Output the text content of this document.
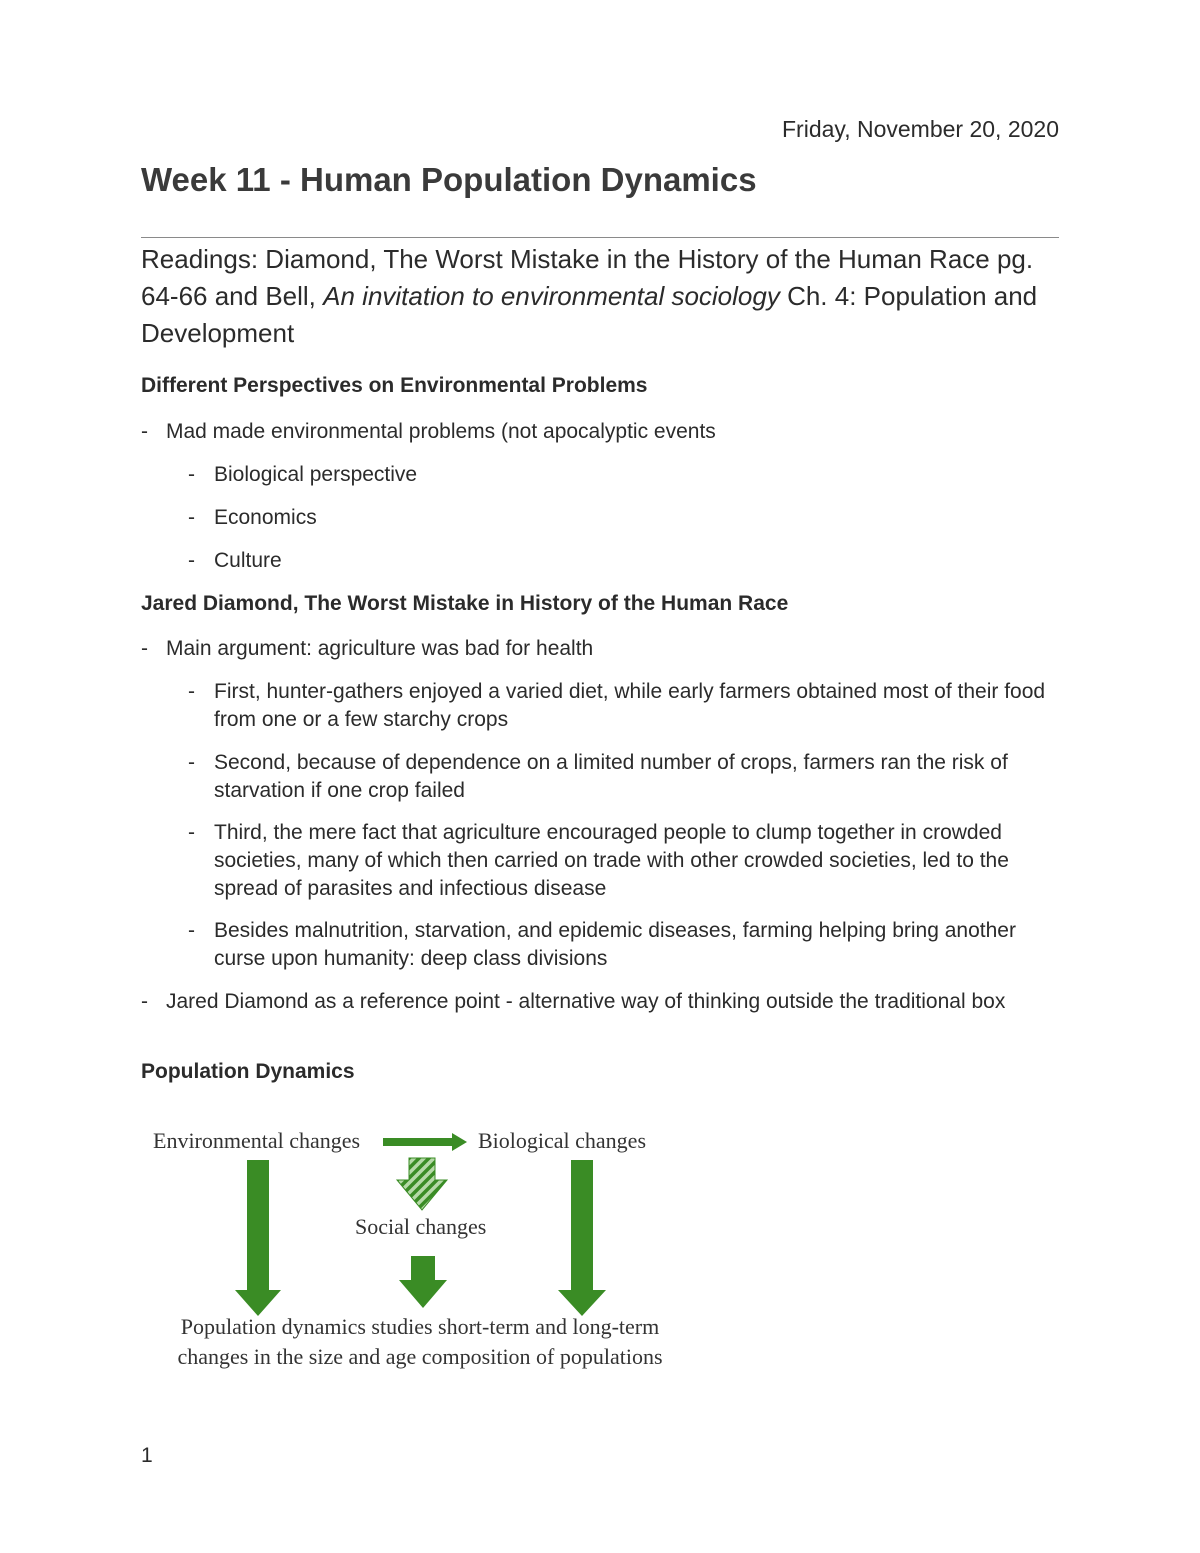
Friday, November 20, 2020
Week 11 - Human Population Dynamics

Readings: Diamond, The Worst Mistake in the History of the Human Race pg. 64-66 and Bell, An invitation to environmental sociology Ch. 4: Population and Development

Different Perspectives on Environmental Problems
- Mad made environmental problems (not apocalyptic events
- Biological perspective
- Economics
- Culture
Jared Diamond, The Worst Mistake in History of the Human Race
- Main argument: agriculture was bad for health
- First, hunter-gathers enjoyed a varied diet, while early farmers obtained most of their food from one or a few starchy crops
- Second, because of dependence on a limited number of crops, farmers ran the risk of starvation if one crop failed
- Third, the mere fact that agriculture encouraged people to clump together in crowded societies, many of which then carried on trade with other crowded societies, led to the spread of parasites and infectious disease
- Besides malnutrition, starvation, and epidemic diseases, farming helping bring another curse upon humanity: deep class divisions
- Jared Diamond as a reference point - alternative way of thinking outside the traditional box
Population Dynamics
Environmental changes	Biological changes
Social changes
Population dynamics studies short-term and long-term changes in the size and age composition of populations
1
